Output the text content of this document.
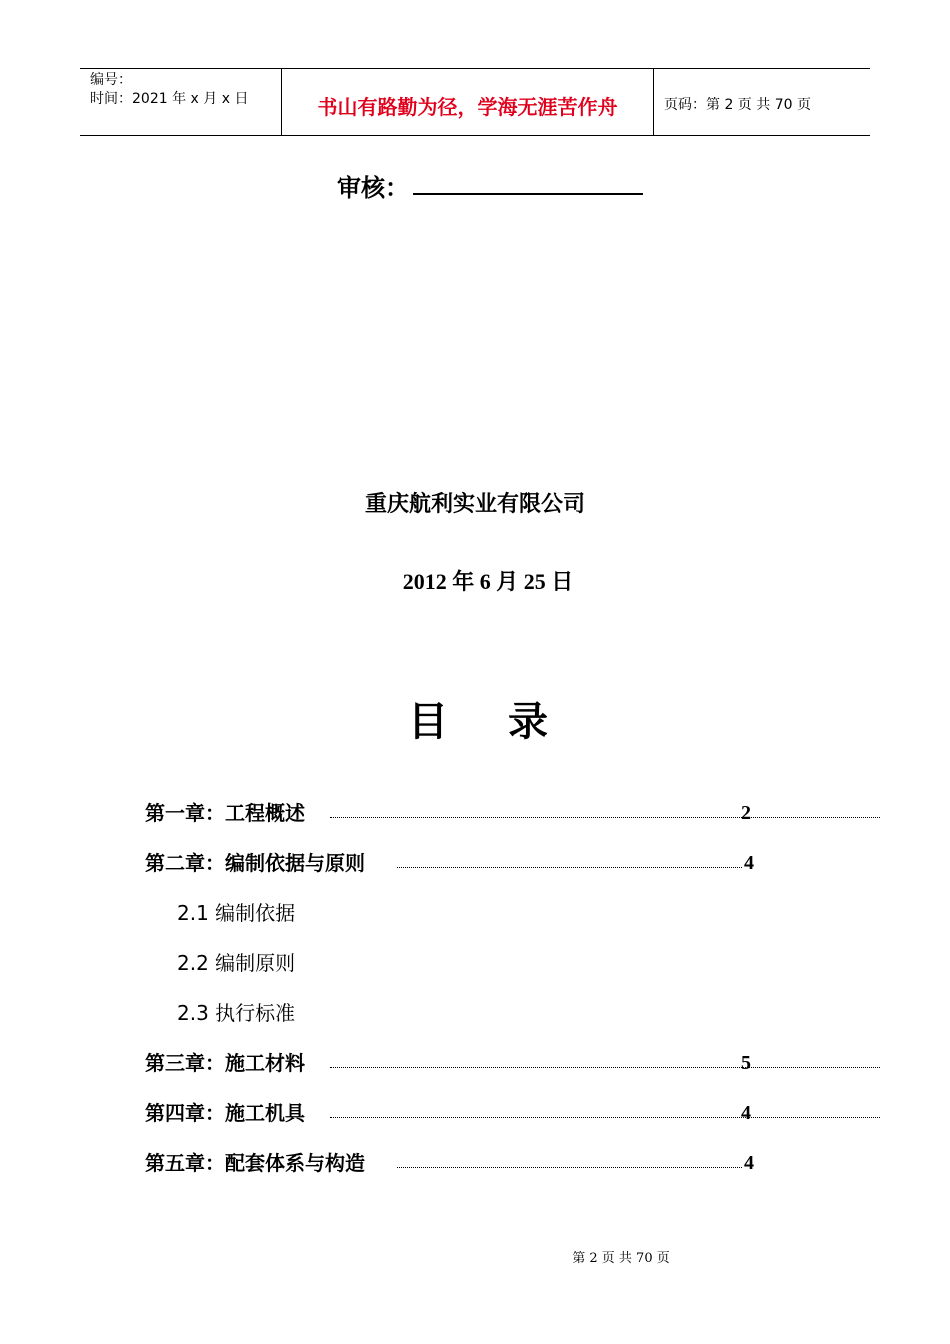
编号：
时间：2021 年 x 月 x 日	书山有路勤为径，学海无涯苦作舟	页码：第 2 页 共 70 页
审核：
重庆航利实业有限公司
2012 年 6 月 25 日
目录
第一章：工程概述	2
第二章：编制依据与原则	4
2.1 编制依据
2.2 编制原则
2.3 执行标准
第三章：施工材料	5
第四章：施工机具	4
第五章：配套体系与构造	4
第 2 页 共 70 页
